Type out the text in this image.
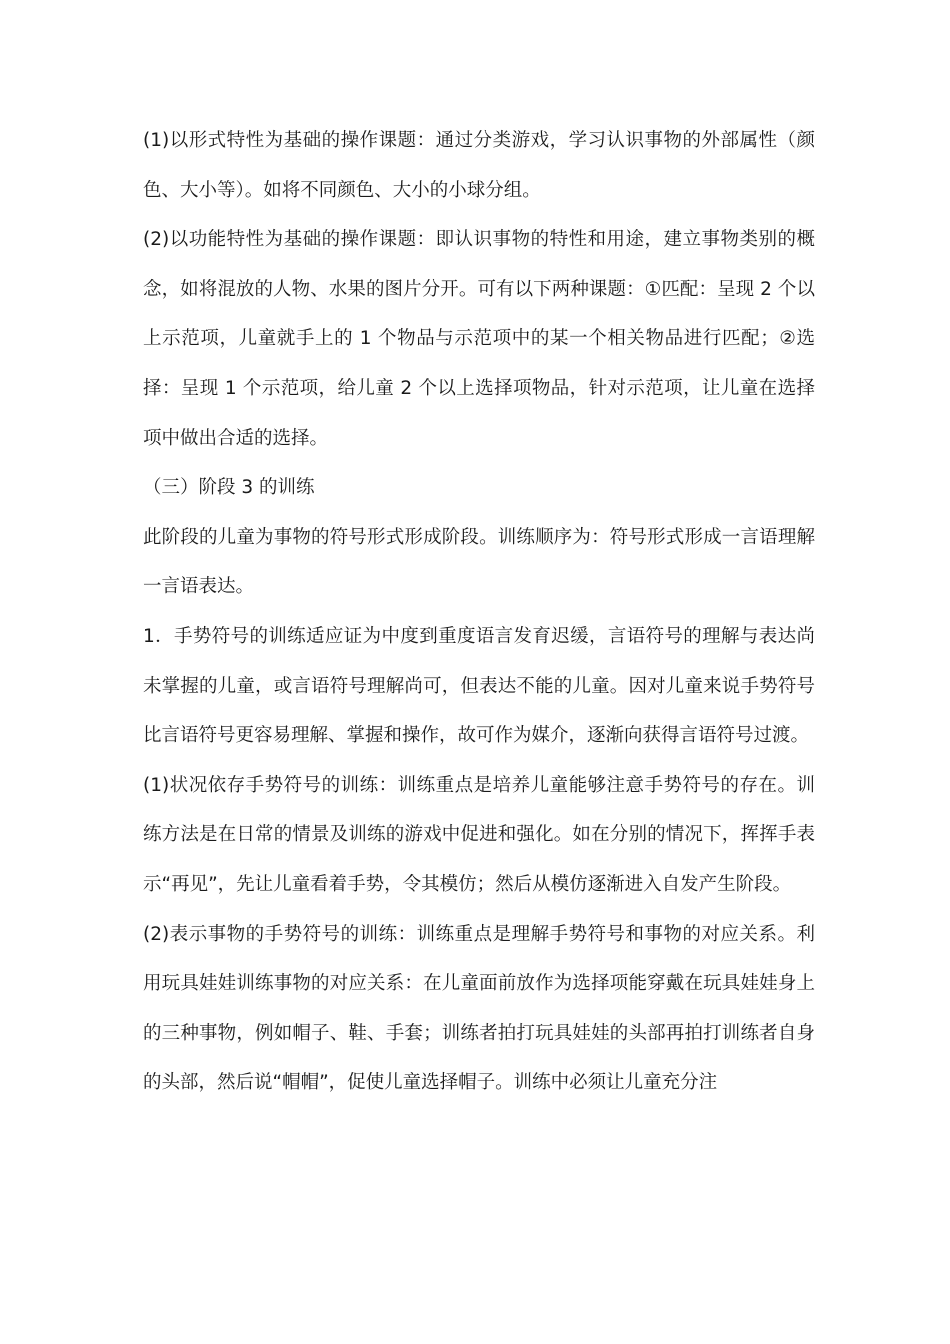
(1)以形式特性为基础的操作课题：通过分类游戏，学习认识事物的外部属性（颜色、大小等）。如将不同颜色、大小的小球分组。

(2)以功能特性为基础的操作课题：即认识事物的特性和用途，建立事物类别的概念，如将混放的人物、水果的图片分开。可有以下两种课题：①匹配：呈现 2 个以上示范项，儿童就手上的 1 个物品与示范项中的某一个相关物品进行匹配；②选择：呈现 1 个示范项，给儿童 2 个以上选择项物品，针对示范项，让儿童在选择项中做出合适的选择。

（三）阶段 3 的训练

此阶段的儿童为事物的符号形式形成阶段。训练顺序为：符号形式形成一言语理解一言语表达。

1．手势符号的训练适应证为中度到重度语言发育迟缓，言语符号的理解与表达尚未掌握的儿童，或言语符号理解尚可，但表达不能的儿童。因对儿童来说手势符号比言语符号更容易理解、掌握和操作，故可作为媒介，逐渐向获得言语符号过渡。

(1)状况依存手势符号的训练：训练重点是培养儿童能够注意手势符号的存在。训练方法是在日常的情景及训练的游戏中促进和强化。如在分别的情况下，挥挥手表示“再见”，先让儿童看着手势，令其模仿；然后从模仿逐渐进入自发产生阶段。

(2)表示事物的手势符号的训练：训练重点是理解手势符号和事物的对应关系。利用玩具娃娃训练事物的对应关系：在儿童面前放作为选择项能穿戴在玩具娃娃身上的三种事物，例如帽子、鞋、手套；训练者拍打玩具娃娃的头部再拍打训练者自身的头部，然后说“帽帽”，促使儿童选择帽子。训练中必须让儿童充分注
